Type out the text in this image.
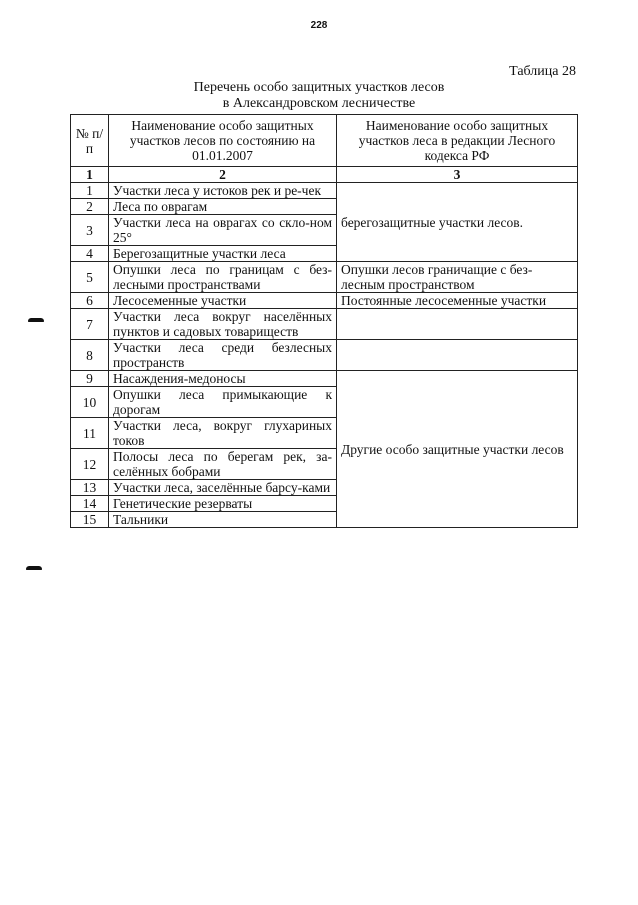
228
Таблица 28
Перечень особо защитных участков лесов
в Александровском лесничестве
№ п/п	Наименование особо защитных участков лесов по состоянию на 01.01.2007	Наименование особо защитных участков леса в редакции Лесного кодекса РФ
1	2	3
1	Участки леса у истоков рек и ре-чек	берегозащитные участки лесов.
2	Леса по оврагам	
3	Участки леса на оврагах со скло-ном 25°	
4	Берегозащитные участки леса	
5	Опушки леса по границам с без-лесными пространствами	Опушки лесов граничащие с без-лесным пространством
6	Лесосеменные участки	Постоянные лесосеменные участки
7	Участки леса вокруг населённых пунктов и садовых товариществ	
8	Участки леса среди безлесных пространств	
9	Насаждения-медоносы	Другие особо защитные участки лесов
10	Опушки леса примыкающие к дорогам	
11	Участки леса, вокруг глухариных токов	
12	Полосы леса по берегам рек, за-селённых бобрами	
13	Участки леса, заселённые барсу-ками	
14	Генетические резерваты	
15	Тальники	
